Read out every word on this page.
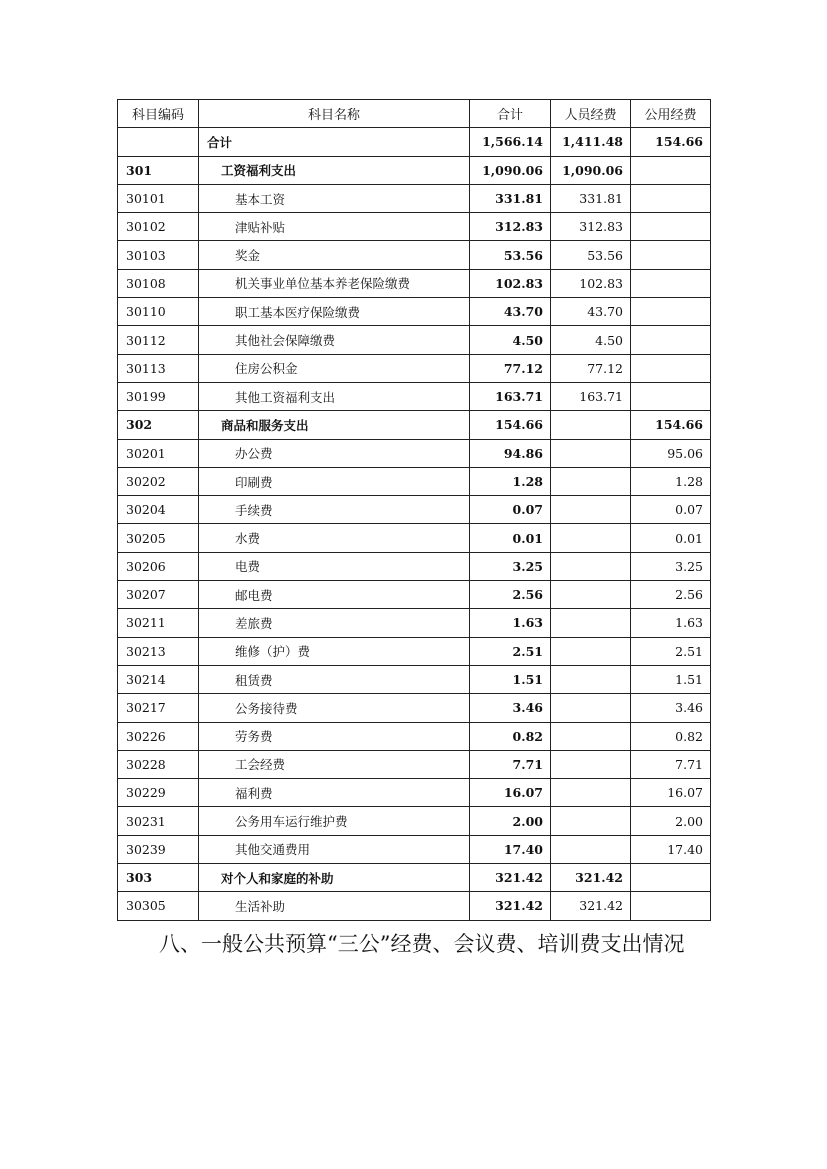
科目编码	科目名称	合计	人员经费	公用经费
	合计	1,566.14	1,411.48	154.66
301	工资福利支出	1,090.06	1,090.06	
30101	基本工资	331.81	331.81	
30102	津贴补贴	312.83	312.83	
30103	奖金	53.56	53.56	
30108	机关事业单位基本养老保险缴费	102.83	102.83	
30110	职工基本医疗保险缴费	43.70	43.70	
30112	其他社会保障缴费	4.50	4.50	
30113	住房公积金	77.12	77.12	
30199	其他工资福利支出	163.71	163.71	
302	商品和服务支出	154.66		154.66
30201	办公费	94.86		95.06
30202	印刷费	1.28		1.28
30204	手续费	0.07		0.07
30205	水费	0.01		0.01
30206	电费	3.25		3.25
30207	邮电费	2.56		2.56
30211	差旅费	1.63		1.63
30213	维修（护）费	2.51		2.51
30214	租赁费	1.51		1.51
30217	公务接待费	3.46		3.46
30226	劳务费	0.82		0.82
30228	工会经费	7.71		7.71
30229	福利费	16.07		16.07
30231	公务用车运行维护费	2.00		2.00
30239	其他交通费用	17.40		17.40
303	对个人和家庭的补助	321.42	321.42	
30305	生活补助	321.42	321.42	
八、一般公共预算“三公”经费、会议费、培训费支出情况
